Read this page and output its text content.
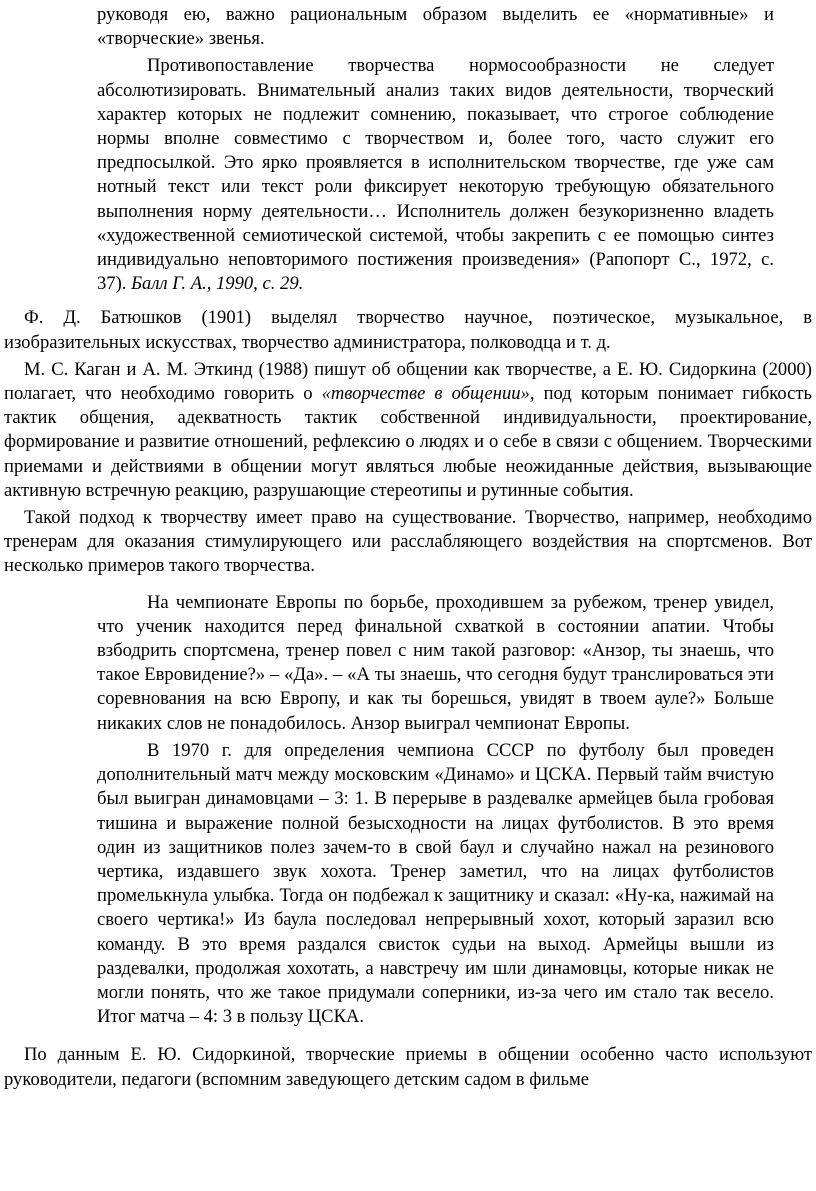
руководя ею, важно рациональным образом выделить ее «нормативные» и «творческие» звенья.

Противопоставление творчества нормосообразности не следует абсолютизировать. Внимательный анализ таких видов деятельности, творческий характер которых не подлежит сомнению, показывает, что строгое соблюдение нормы вполне совместимо с творчеством и, более того, часто служит его предпосылкой. Это ярко проявляется в исполнительском творчестве, где уже сам нотный текст или текст роли фиксирует некоторую требующую обязательного выполнения норму деятельности… Исполнитель должен безукоризненно владеть «художественной семиотической системой, чтобы закрепить с ее помощью синтез индивидуально неповторимого постижения произведения» (Рапопорт С., 1972, с. 37). Балл Г. А., 1990, с. 29.

Ф. Д. Батюшков (1901) выделял творчество научное, поэтическое, музыкальное, в изобразительных искусствах, творчество администратора, полководца и т. д.

М. С. Каган и А. М. Эткинд (1988) пишут об общении как творчестве, а Е. Ю. Сидоркина (2000) полагает, что необходимо говорить о «творчестве в общении», под которым понимает гибкость тактик общения, адекватность тактик собственной индивидуальности, проектирование, формирование и развитие отношений, рефлексию о людях и о себе в связи с общением. Творческими приемами и действиями в общении могут являться любые неожиданные действия, вызывающие активную встречную реакцию, разрушающие стереотипы и рутинные события.

Такой подход к творчеству имеет право на существование. Творчество, например, необходимо тренерам для оказания стимулирующего или расслабляющего воздействия на спортсменов. Вот несколько примеров такого творчества.

На чемпионате Европы по борьбе, проходившем за рубежом, тренер увидел, что ученик находится перед финальной схваткой в состоянии апатии. Чтобы взбодрить спортсмена, тренер повел с ним такой разговор: «Анзор, ты знаешь, что такое Евровидение?» – «Да». – «А ты знаешь, что сегодня будут транслироваться эти соревнования на всю Европу, и как ты борешься, увидят в твоем ауле?» Больше никаких слов не понадобилось. Анзор выиграл чемпионат Европы.

В 1970 г. для определения чемпиона СССР по футболу был проведен дополнительный матч между московским «Динамо» и ЦСКА. Первый тайм вчистую был выигран динамовцами – 3: 1. В перерыве в раздевалке армейцев была гробовая тишина и выражение полной безысходности на лицах футболистов. В это время один из защитников полез зачем-то в свой баул и случайно нажал на резинового чертика, издавшего звук хохота. Тренер заметил, что на лицах футболистов промелькнула улыбка. Тогда он подбежал к защитнику и сказал: «Ну-ка, нажимай на своего чертика!» Из баула последовал непрерывный хохот, который заразил всю команду. В это время раздался свисток судьи на выход. Армейцы вышли из раздевалки, продолжая хохотать, а навстречу им шли динамовцы, которые никак не могли понять, что же такое придумали соперники, из-за чего им стало так весело. Итог матча – 4: 3 в пользу ЦСКА.

По данным Е. Ю. Сидоркиной, творческие приемы в общении особенно часто используют руководители, педагоги (вспомним заведующего детским садом в фильме
